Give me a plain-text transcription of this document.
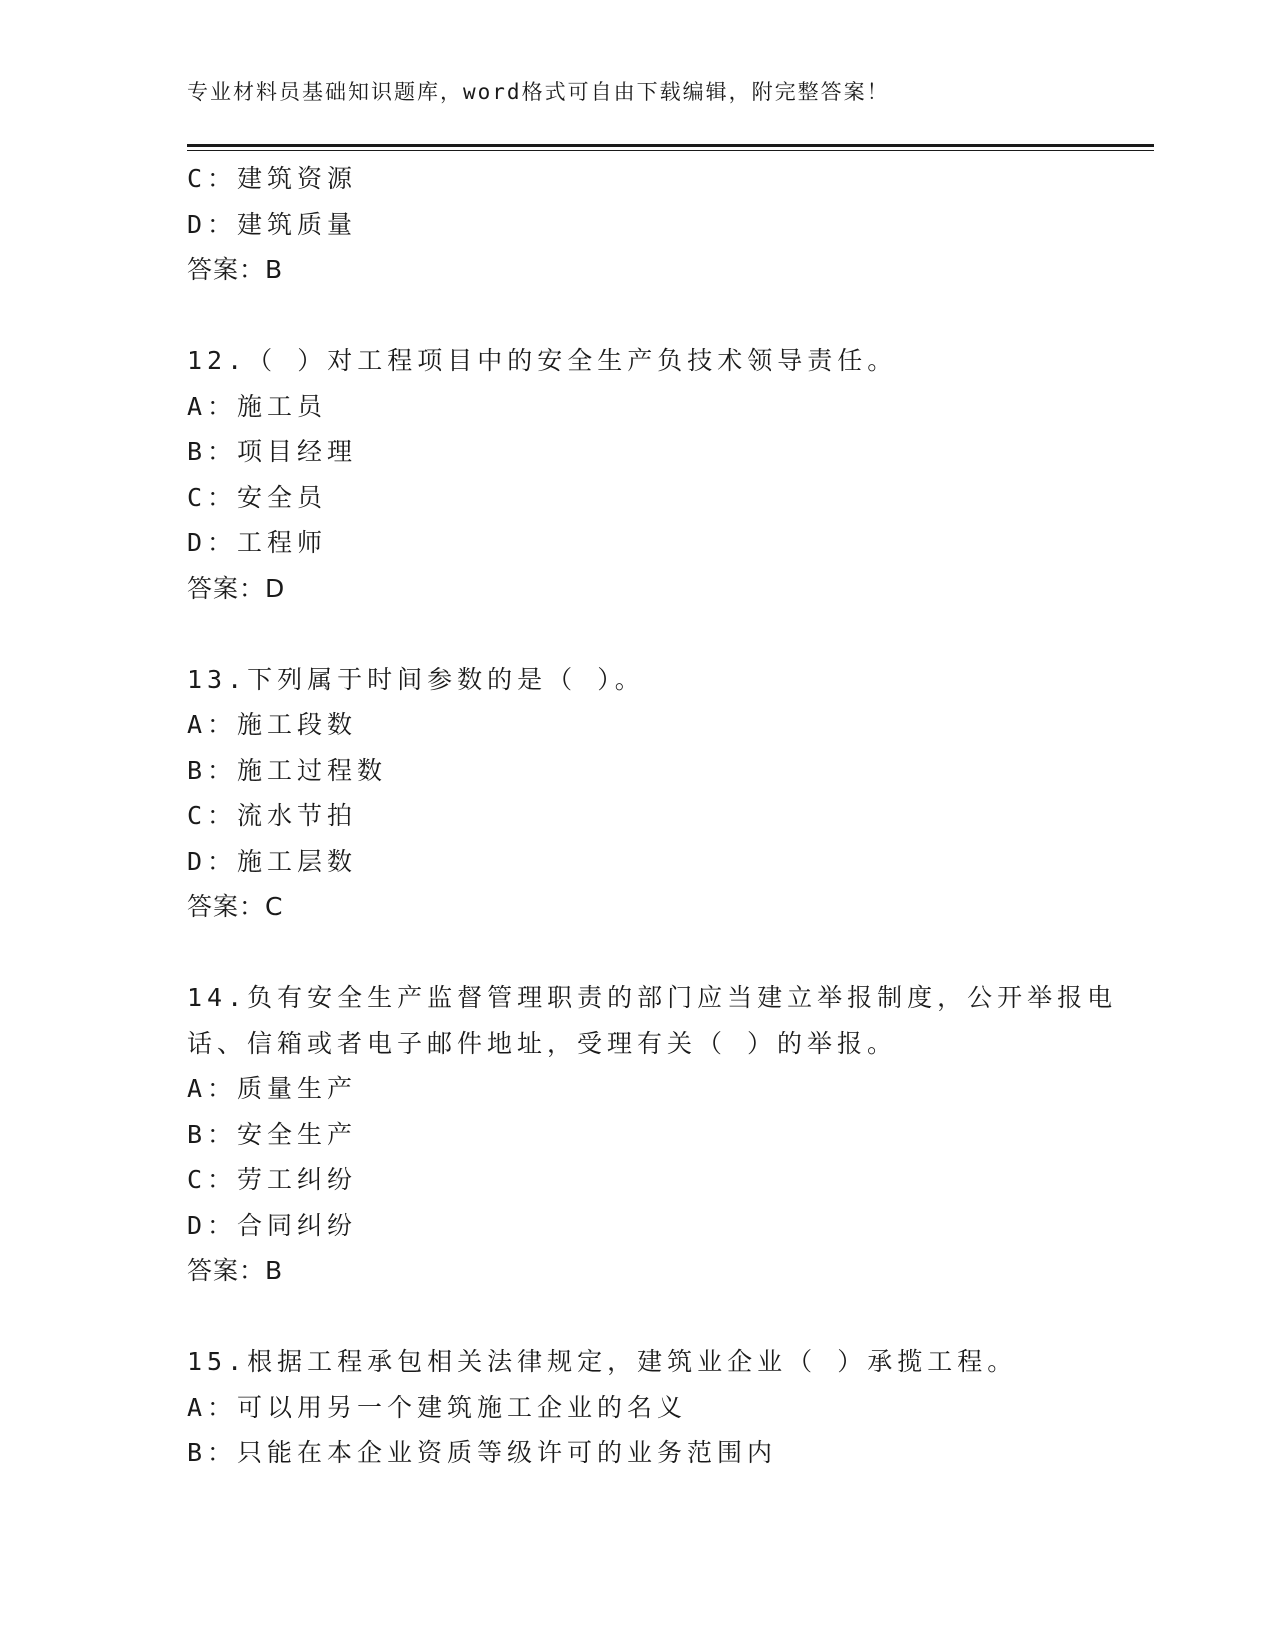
专业材料员基础知识题库，word格式可自由下载编辑，附完整答案！
C：建筑资源
D：建筑质量
答案：B
12.（ ）对工程项目中的安全生产负技术领导责任。
A：施工员
B：项目经理
C：安全员
D：工程师
答案：D
13.下列属于时间参数的是（ ）。
A：施工段数
B：施工过程数
C：流水节拍
D：施工层数
答案：C
14.负有安全生产监督管理职责的部门应当建立举报制度，公开举报电
话、信箱或者电子邮件地址，受理有关（ ）的举报。
A：质量生产
B：安全生产
C：劳工纠纷
D：合同纠纷
答案：B
15.根据工程承包相关法律规定，建筑业企业（ ）承揽工程。
A：可以用另一个建筑施工企业的名义
B：只能在本企业资质等级许可的业务范围内
